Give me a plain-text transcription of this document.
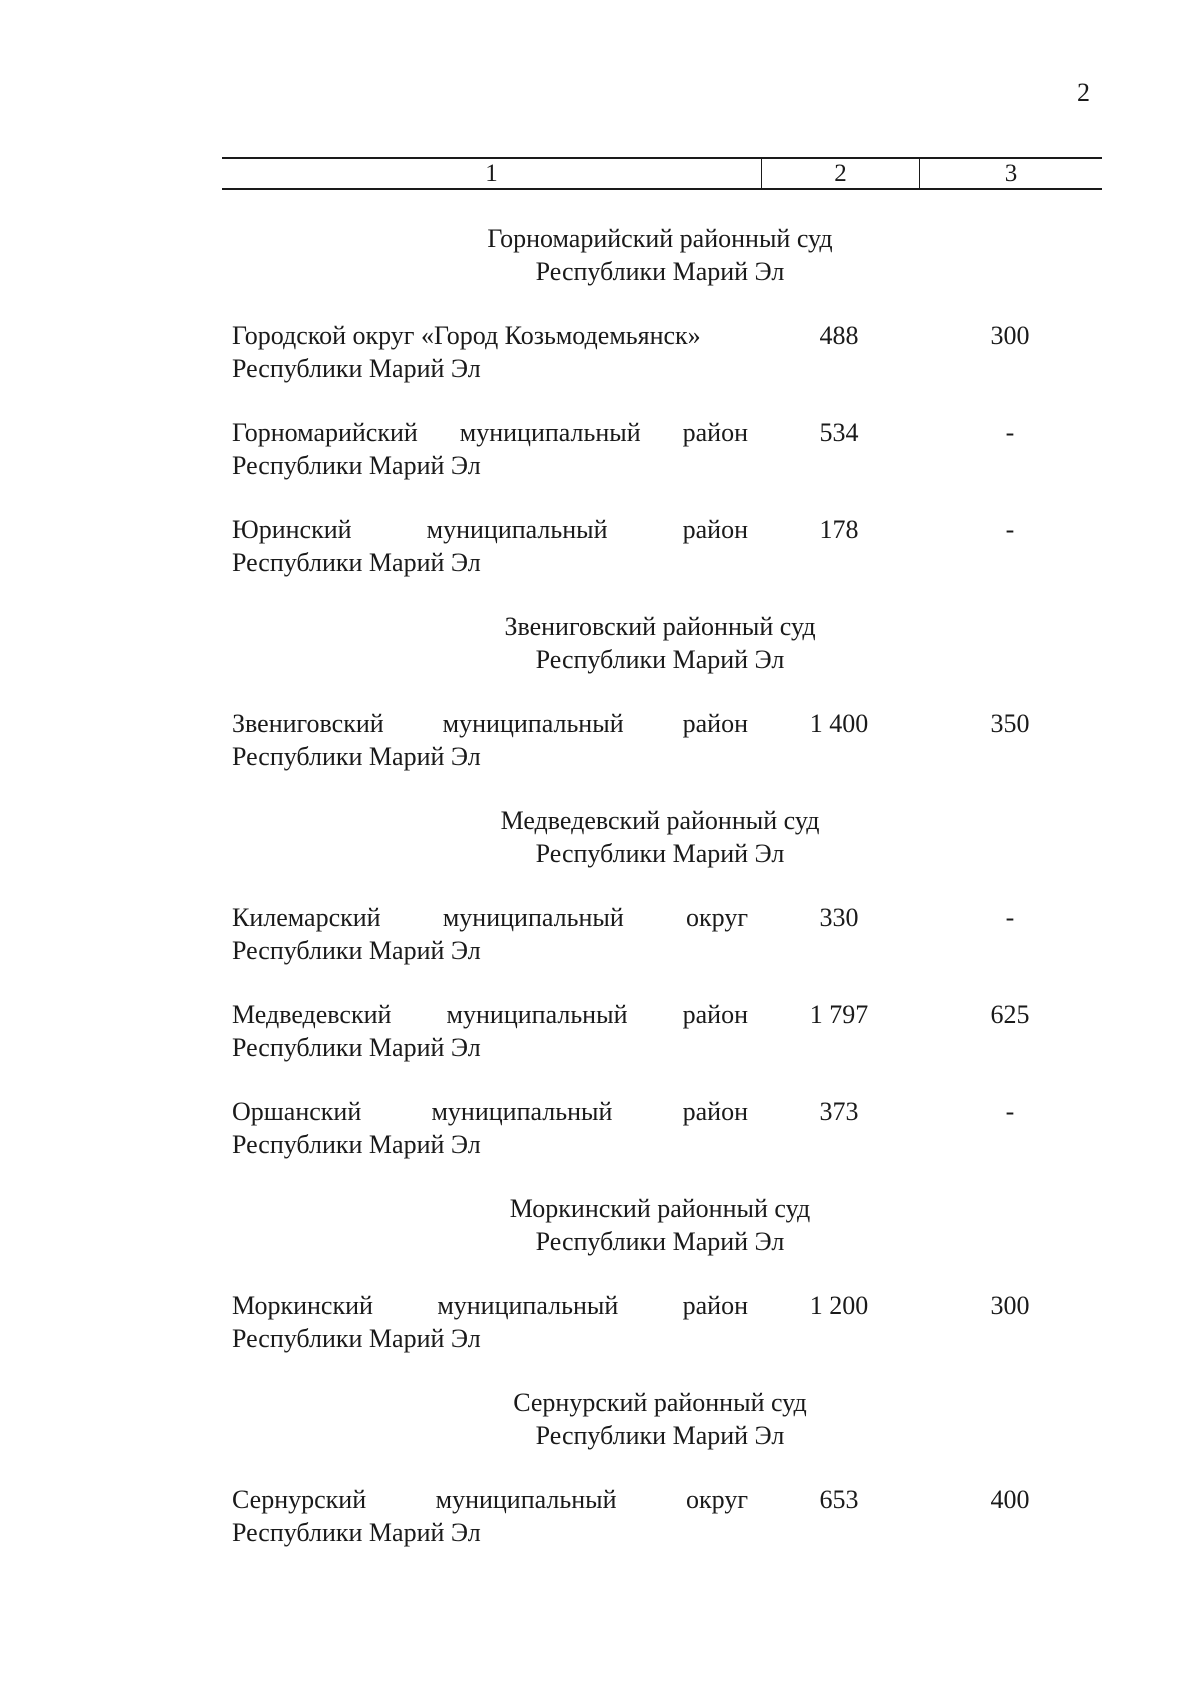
2
1	2	3
Горномарийский районный суд
Республики Марий Эл
Городской округ «Город Козьмодемьянск»
Республики Марий Эл
488	300
Горномарийский муниципальный район
Республики Марий Эл
534	-
Юринский муниципальный район
Республики Марий Эл
178	-
Звениговский районный суд
Республики Марий Эл
Звениговский муниципальный район
Республики Марий Эл
1 400	350
Медведевский районный суд
Республики Марий Эл
Килемарский муниципальный округ
Республики Марий Эл
330	-
Медведевский муниципальный район
Республики Марий Эл
1 797	625
Оршанский муниципальный район
Республики Марий Эл
373	-
Моркинский районный суд
Республики Марий Эл
Моркинский муниципальный район
Республики Марий Эл
1 200	300
Сернурский районный суд
Республики Марий Эл
Сернурский муниципальный округ
Республики Марий Эл
653	400
